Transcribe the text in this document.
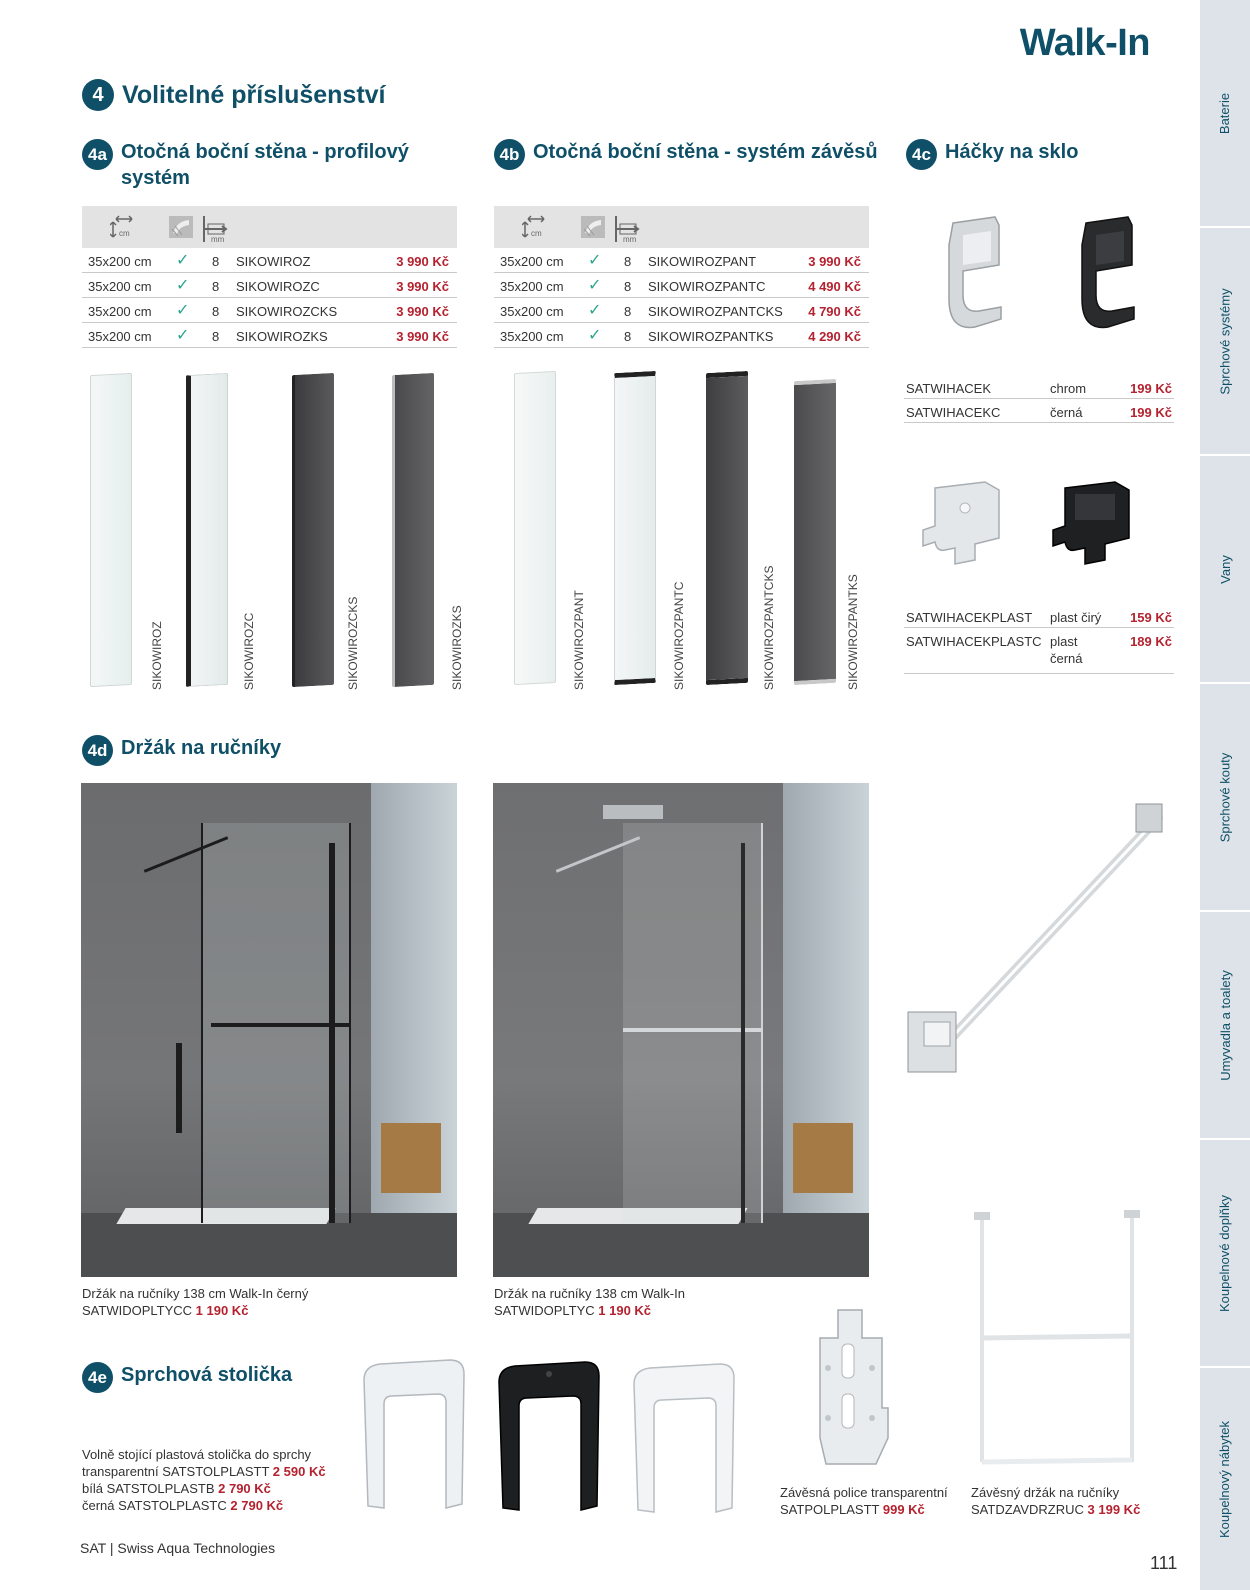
Walk-In
Baterie
Sprchové systémy
Vany
Sprchové kouty
Umyvadla a toalety
Koupelnové doplňky
Koupelnový nábytek
4 Volitelné příslušenství
4a Otočná boční stěna - profilový
systém
cm
mm
35x200 cm ✓ 8 SIKOWIROZ	3 990 Kč
35x200 cm ✓ 8 SIKOWIROZC	3 990 Kč
35x200 cm ✓ 8 SIKOWIROZCKS	3 990 Kč
35x200 cm ✓ 8 SIKOWIROZKS	3 990 Kč
SIKOWIROZ	SIKOWIROZC	SIKOWIROZCKS	SIKOWIROZKS
4b Otočná boční stěna - systém závěsů
cm
mm
35x200 cm ✓ 8 SIKOWIROZPANT	3 990 Kč
35x200 cm ✓ 8 SIKOWIROZPANTC	4 490 Kč
35x200 cm ✓ 8 SIKOWIROZPANTCKS 4 790 Kč
35x200 cm ✓ 8 SIKOWIROZPANTKS	4 290 Kč
SIKOWIROZPANT	SIKOWIROZPANTC	SIKOWIROZPANTCKS	SIKOWIROZPANTKS
4c Háčky na sklo
SATWIHACEK	chrom	199 Kč
SATWIHACEKC	černá	199 Kč
SATWIHACEKPLAST plast čirý 159 Kč
SATWIHACEKPLASTC plast černá
189 Kč
4d Držák na ručníky
Držák na ručníky 138 cm Walk-In černý
SATWIDOPLTYCC 1 190 Kč
Držák na ručníky 138 cm Walk-In
SATWIDOPLTYC 1 190 Kč
4e Sprchová stolička
Volně stojící plastová stolička do sprchy
transparentní SATSTOLPLASTT 2 590 Kč
bílá SATSTOLPLASTB 2 790 Kč
černá SATSTOLPLASTC 2 790 Kč
Závěsná police transparentní
SATPOLPLASTT 999 Kč
Závěsný držák na ručníky
SATDZAVDRZRUC 3 199 Kč
SAT | Swiss Aqua Technologies
111
